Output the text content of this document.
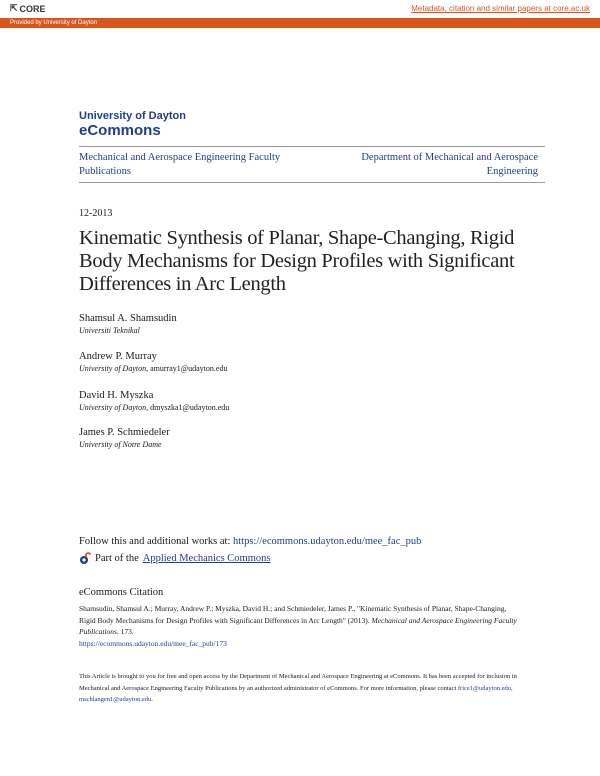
⇱ CORE	Metadata, citation and similar papers at core.ac.uk
Provided by University of Dayton
University of Dayton
eCommons
Mechanical and Aerospace Engineering Faculty Publications
Department of Mechanical and Aerospace Engineering
12-2013
Kinematic Synthesis of Planar, Shape-Changing, Rigid Body Mechanisms for Design Profiles with Significant Differences in Arc Length
Shamsul A. Shamsudin
Universiti Teknikal
Andrew P. Murray
University of Dayton, amurray1@udayton.edu
David H. Myszka
University of Dayton, dmyszka1@udayton.edu
James P. Schmiedeler
University of Notre Dame
Follow this and additional works at: https://ecommons.udayton.edu/mee_fac_pub
Part of the Applied Mechanics Commons
eCommons Citation
Shamsudin, Shamsul A.; Murray, Andrew P.; Myszka, David H.; and Schmiedeler, James P., "Kinematic Synthesis of Planar, Shape-Changing, Rigid Body Mechanisms for Design Profiles with Significant Differences in Arc Length" (2013). Mechanical and Aerospace Engineering Faculty Publications. 173.
https://ecommons.udayton.edu/mee_fac_pub/173
This Article is brought to you for free and open access by the Department of Mechanical and Aerospace Engineering at eCommons. It has been accepted for inclusion in Mechanical and Aerospace Engineering Faculty Publications by an authorized administrator of eCommons. For more information, please contact frice1@udayton.edu, mschlangen1@udayton.edu.
